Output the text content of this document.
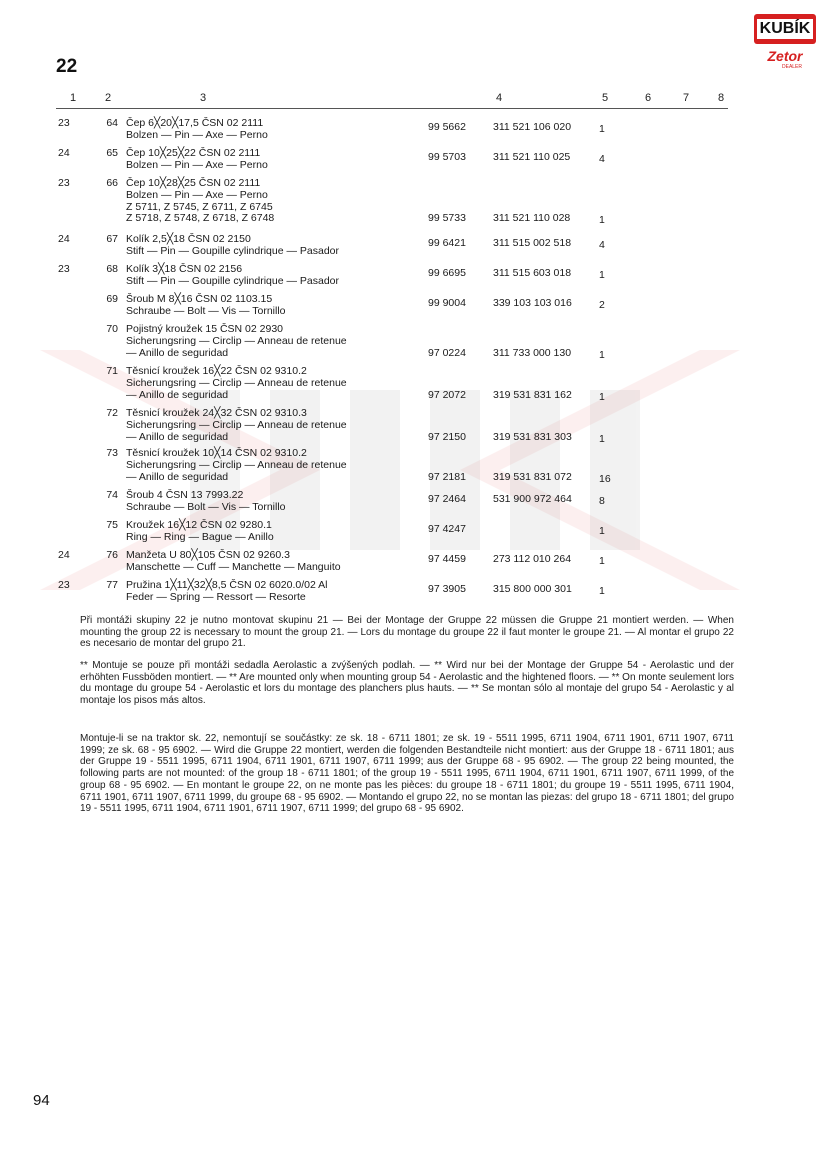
KUBÍK
Zetor
DEALER
22
1	2	3	4	5	6	7	8
23	64 Čep 6╳20╳17,5 ČSN 02 2111
Bolzen — Pin — Axe — Perno
99 5662	311 521 106 020	1
24	65 Čep 10╳25╳22 ČSN 02 2111
Bolzen — Pin — Axe — Perno
99 5703	311 521 110 025	4
23	66 Čep 10╳28╳25 ČSN 02 2111
Bolzen — Pin — Axe — Perno
Z 5711, Z 5745, Z 6711, Z 6745
Z 5718, Z 5748, Z 6718, Z 6748	99 5733	311 521 110 028	1
24	67 Kolík 2,5╳18 ČSN 02 2150
Stift — Pin — Goupille cylindrique — Pasador
99 6421	311 515 002 518	4
23	68 Kolík 3╳18 ČSN 02 2156
Stift — Pin — Goupille cylindrique — Pasador
99 6695	311 515 603 018	1
69 Šroub M 8╳16 ČSN 02 1103.15
Schraube — Bolt — Vis — Tornillo
99 9004	339 103 103 016	2
70 Pojistný kroužek 15 ČSN 02 2930
Sicherungsring — Circlip — Anneau de retenue
— Anillo de seguridad	97 0224	311 733 000 130	1
71 Těsnicí kroužek 16╳22 ČSN 02 9310.2
Sicherungsring — Circlip — Anneau de retenue
— Anillo de seguridad	97 2072	319 531 831 162	1
72 Těsnicí kroužek 24╳32 ČSN 02 9310.3
Sicherungsring — Circlip — Anneau de retenue
— Anillo de seguridad	97 2150	319 531 831 303	1
73 Těsnicí kroužek 10╳14 ČSN 02 9310.2
Sicherungsring — Circlip — Anneau de retenue
— Anillo de seguridad	97 2181	319 531 831 072	16
74 Šroub 4 ČSN 13 7993.22
Schraube — Bolt — Vis — Tornillo
97 2464	531 900 972 464	8
75 Kroužek 16╳12 ČSN 02 9280.1
Ring — Ring — Bague — Anillo
97 4247	1
24	76 Manžeta U 80╳105 ČSN 02 9260.3
Manschette — Cuff — Manchette — Manguito
97 4459	273 112 010 264	1
23	77 Pružina 1╳11╳32╳8,5 ČSN 02 6020.0/02 Al
Feder — Spring — Ressort — Resorte
97 3905	315 800 000 301	1
Při montáži skupiny 22 je nutno montovat skupinu 21 — Bei der Montage der Gruppe 22 müssen die Gruppe 21 montiert werden. — When mounting the group 22 is necessary to mount the group 21. — Lors du montage du groupe 22 il faut monter le groupe 21. — Al montar el grupo 22 es necesario de montar del grupo 21.
** Montuje se pouze při montáži sedadla Aerolastic a zvýšených podlah. — ** Wird nur bei der Montage der Gruppe 54 - Aerolastic und der erhöhten Fussböden montiert. — ** Are mounted only when mounting group 54 - Aerolastic and the hightened floors. — ** On monte seulement lors du montage du groupe 54 - Aerolastic et lors du montage des planchers plus hauts. — ** Se montan sólo al montaje del grupo 54 - Aerolastic y al montaje los pisos más altos.
Montuje-li se na traktor sk. 22, nemontují se součástky: ze sk. 18 - 6711 1801; ze sk. 19 - 5511 1995, 6711 1904, 6711 1901, 6711 1907, 6711 1999; ze sk. 68 - 95 6902. — Wird die Gruppe 22 montiert, werden die folgenden Bestandteile nicht montiert: aus der Gruppe 18 - 6711 1801; aus der Gruppe 19 - 5511 1995, 6711 1904, 6711 1901, 6711 1907, 6711 1999; aus der Gruppe 68 - 95 6902. — The group 22 being mounted, the following parts are not mounted: of the group 18 - 6711 1801; of the group 19 - 5511 1995, 6711 1904, 6711 1901, 6711 1907, 6711 1999, of the group 68 - 95 6902. — En montant le groupe 22, on ne monte pas les pièces: du groupe 18 - 6711 1801; du groupe 19 - 5511 1995, 6711 1904, 6711 1901, 6711 1907, 6711 1999, du groupe 68 - 95 6902. — Montando el grupo 22, no se montan las piezas: del grupo 18 - 6711 1801; del grupo 19 - 5511 1995, 6711 1904, 6711 1901, 6711 1907, 6711 1999; del grupo 68 - 95 6902.
94
